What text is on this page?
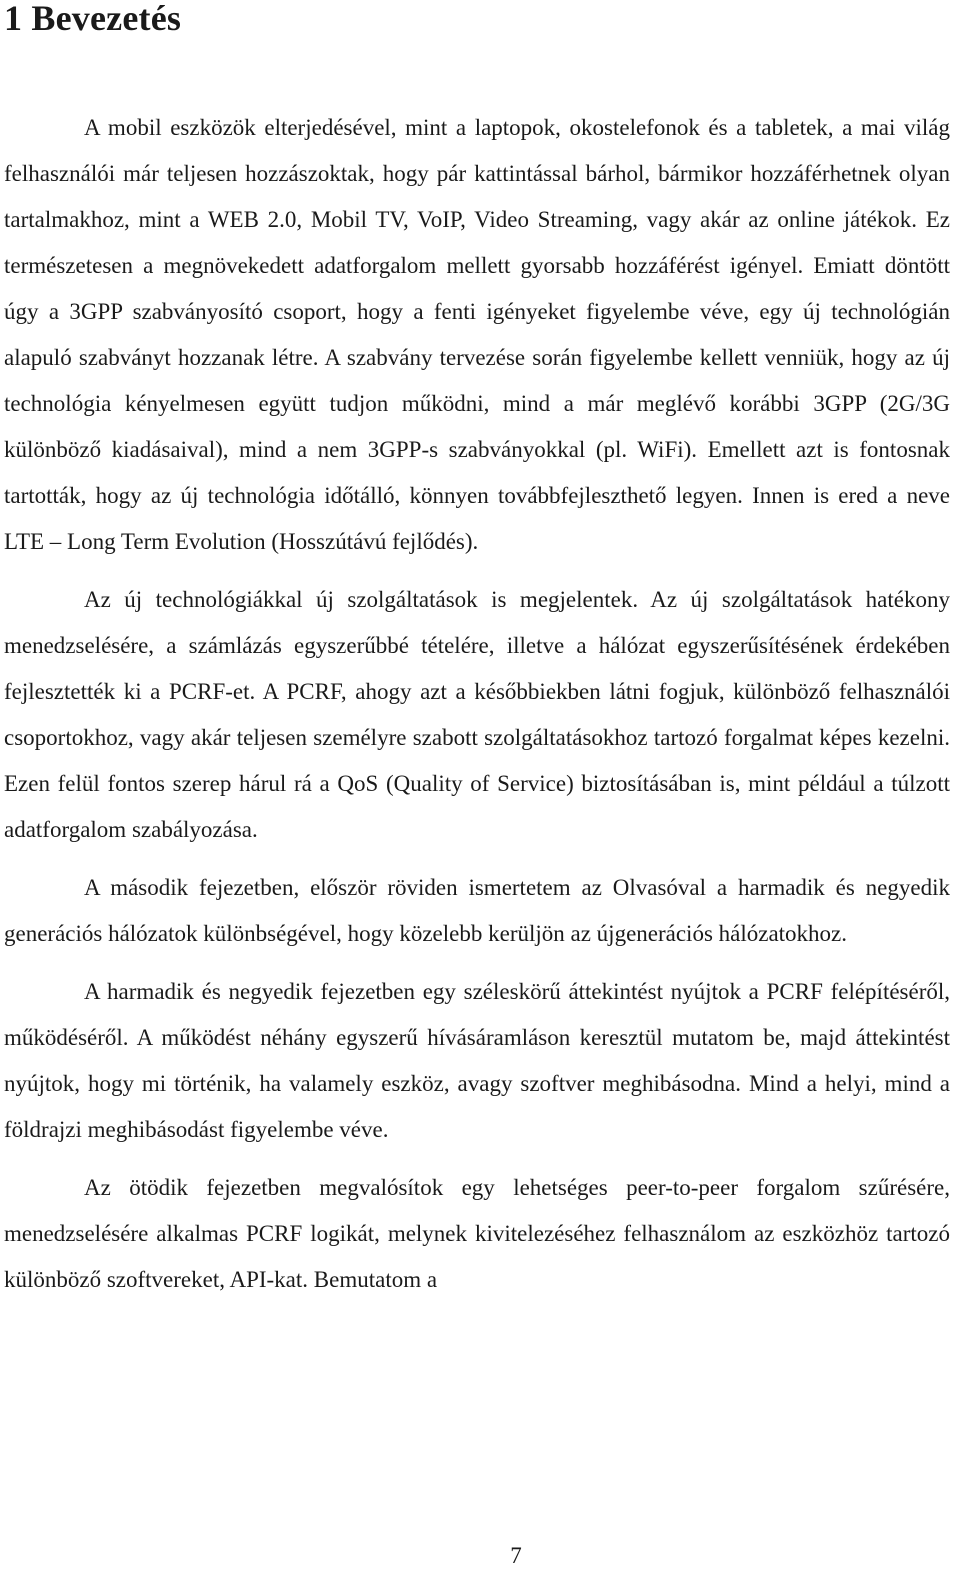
1 Bevezetés

A mobil eszközök elterjedésével, mint a laptopok, okostelefonok és a tabletek, a mai világ felhasználói már teljesen hozzászoktak, hogy pár kattintással bárhol, bármikor hozzáférhetnek olyan tartalmakhoz, mint a WEB 2.0, Mobil TV, VoIP, Video Streaming, vagy akár az online játékok. Ez természetesen a megnövekedett adatforgalom mellett gyorsabb hozzáférést igényel. Emiatt döntött úgy a 3GPP szabványosító csoport, hogy a fenti igényeket figyelembe véve, egy új technológián alapuló szabványt hozzanak létre. A szabvány tervezése során figyelembe kellett venniük, hogy az új technológia kényelmesen együtt tudjon működni, mind a már meglévő korábbi 3GPP (2G/3G különböző kiadásaival), mind a nem 3GPP-s szabványokkal (pl. WiFi). Emellett azt is fontosnak tartották, hogy az új technológia időtálló, könnyen továbbfejleszthető legyen. Innen is ered a neve LTE – Long Term Evolution (Hosszútávú fejlődés).

Az új technológiákkal új szolgáltatások is megjelentek. Az új szolgáltatások hatékony menedzselésére, a számlázás egyszerűbbé tételére, illetve a hálózat egyszerűsítésének érdekében fejlesztették ki a PCRF-et. A PCRF, ahogy azt a későbbiekben látni fogjuk, különböző felhasználói csoportokhoz, vagy akár teljesen személyre szabott szolgáltatásokhoz tartozó forgalmat képes kezelni. Ezen felül fontos szerep hárul rá a QoS (Quality of Service) biztosításában is, mint például a túlzott adatforgalom szabályozása.

A második fejezetben, először röviden ismertetem az Olvasóval a harmadik és negyedik generációs hálózatok különbségével, hogy közelebb kerüljön az újgenerációs hálózatokhoz.

A harmadik és negyedik fejezetben egy széleskörű áttekintést nyújtok a PCRF felépítéséről, működéséről. A működést néhány egyszerű hívásáramláson keresztül mutatom be, majd áttekintést nyújtok, hogy mi történik, ha valamely eszköz, avagy szoftver meghibásodna. Mind a helyi, mind a földrajzi meghibásodást figyelembe véve.

Az ötödik fejezetben megvalósítok egy lehetséges peer-to-peer forgalom szűrésére, menedzselésére alkalmas PCRF logikát, melynek kivitelezéséhez felhasználom az eszközhöz tartozó különböző szoftvereket, API-kat. Bemutatom a

7
